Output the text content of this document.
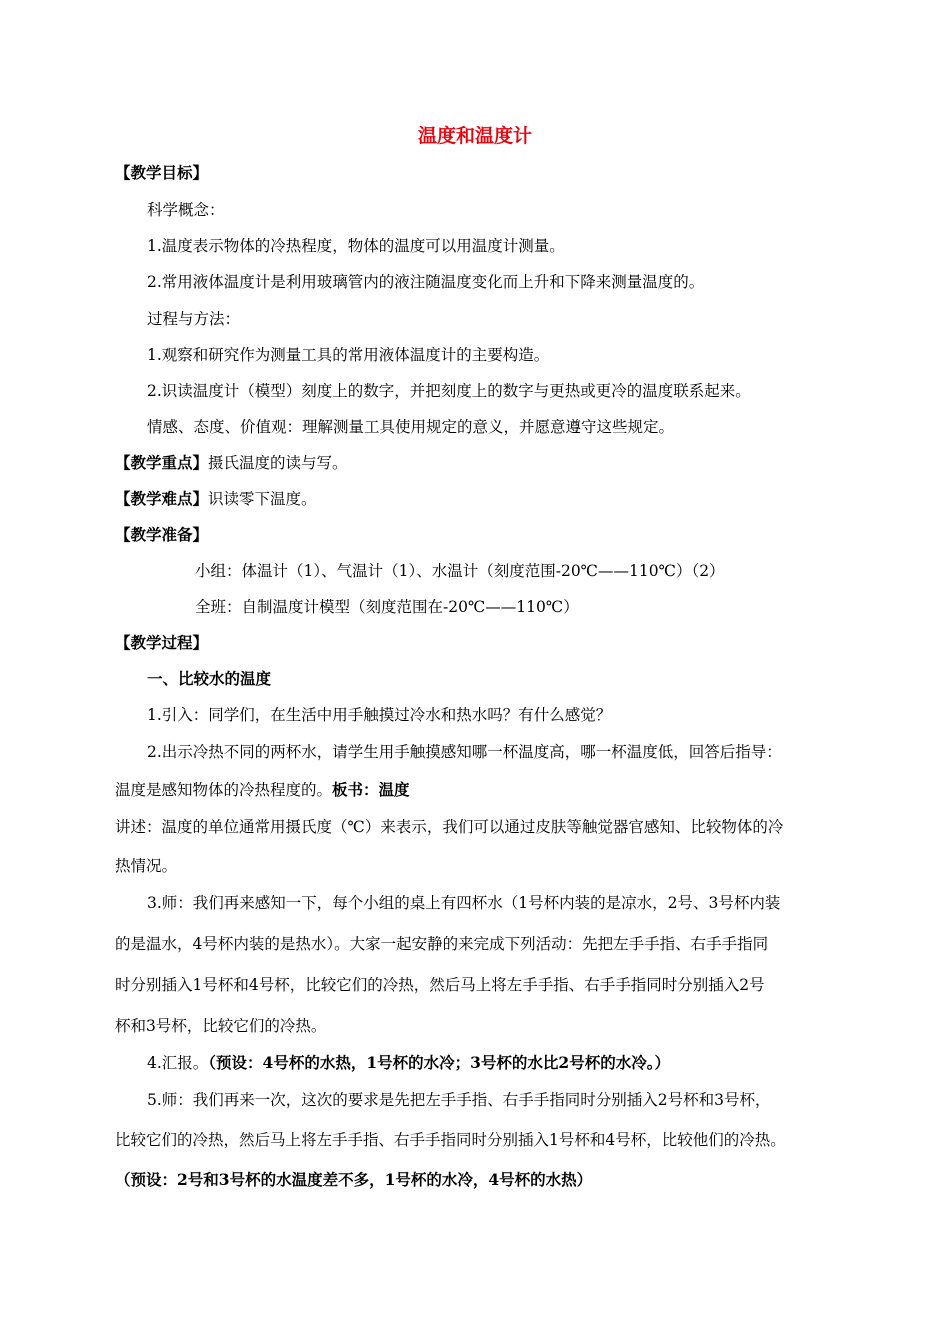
温度和温度计
【教学目标】
科学概念：
1.温度表示物体的冷热程度，物体的温度可以用温度计测量。
2.常用液体温度计是利用玻璃管内的液注随温度变化而上升和下降来测量温度的。
过程与方法：
1.观察和研究作为测量工具的常用液体温度计的主要构造。
2.识读温度计（模型）刻度上的数字，并把刻度上的数字与更热或更冷的温度联系起来。
情感、态度、价值观：理解测量工具使用规定的意义，并愿意遵守这些规定。
【教学重点】摄氏温度的读与写。
【教学难点】识读零下温度。
【教学准备】
小组：体温计（1）、气温计（1）、水温计（刻度范围-20℃——110℃）（2）
全班：自制温度计模型（刻度范围在-20℃——110℃）
【教学过程】
一、比较水的温度
1.引入：同学们，在生活中用手触摸过冷水和热水吗？有什么感觉？
2.出示冷热不同的两杯水，请学生用手触摸感知哪一杯温度高，哪一杯温度低，回答后指导：
温度是感知物体的冷热程度的。板书：温度
讲述：温度的单位通常用摄氏度（℃）来表示，我们可以通过皮肤等触觉器官感知、比较物体的冷
热情况。
3.师：我们再来感知一下，每个小组的桌上有四杯水（1号杯内装的是凉水，2号、3号杯内装
的是温水，4号杯内装的是热水）。大家一起安静的来完成下列活动：先把左手手指、右手手指同
时分别插入1号杯和4号杯，比较它们的冷热，然后马上将左手手指、右手手指同时分别插入2号
杯和3号杯，比较它们的冷热。
4.汇报。（预设：4号杯的水热，1号杯的水冷；3号杯的水比2号杯的水冷。）
5.师：我们再来一次，这次的要求是先把左手手指、右手手指同时分别插入2号杯和3号杯，
比较它们的冷热，然后马上将左手手指、右手手指同时分别插入1号杯和4号杯，比较他们的冷热。
（预设：2号和3号杯的水温度差不多，1号杯的水冷，4号杯的水热）
